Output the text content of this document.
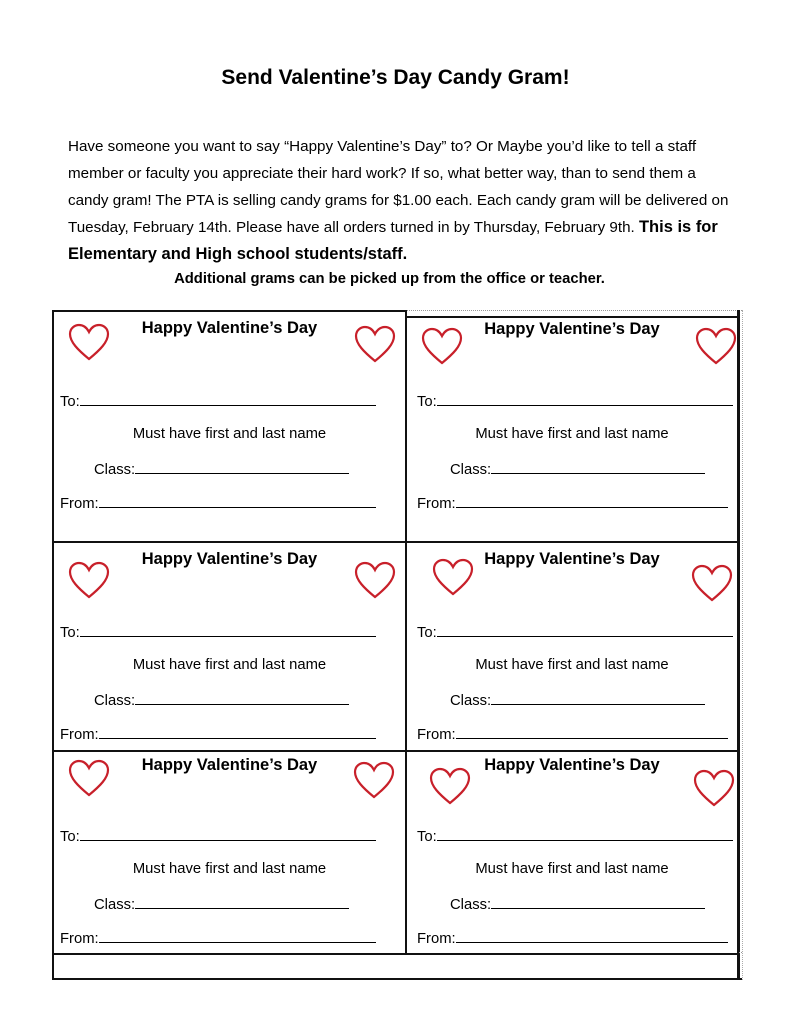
Send Valentine’s Day Candy Gram!
Have someone you want to say “Happy Valentine’s Day” to? Or Maybe you’d like to tell a staff member or faculty you appreciate their hard work? If so, what better way, than to send them a candy gram! The PTA is selling candy grams for $1.00 each. Each candy gram will be delivered on Tuesday, February 14th. Please have all orders turned in by Thursday, February 9th. This is for Elementary and High school students/staff.
Additional grams can be picked up from the office or teacher.
Happy Valentine’s Day
To:
Must have first and last name
Class:
From:
Happy Valentine’s Day
To:
Must have first and last name
Class:
From:
Happy Valentine’s Day
To:
Must have first and last name
Class:
From:
Happy Valentine’s Day
To:
Must have first and last name
Class:
From:
Happy Valentine’s Day
To:
Must have first and last name
Class:
From:
Happy Valentine’s Day
To:
Must have first and last name
Class:
From:
